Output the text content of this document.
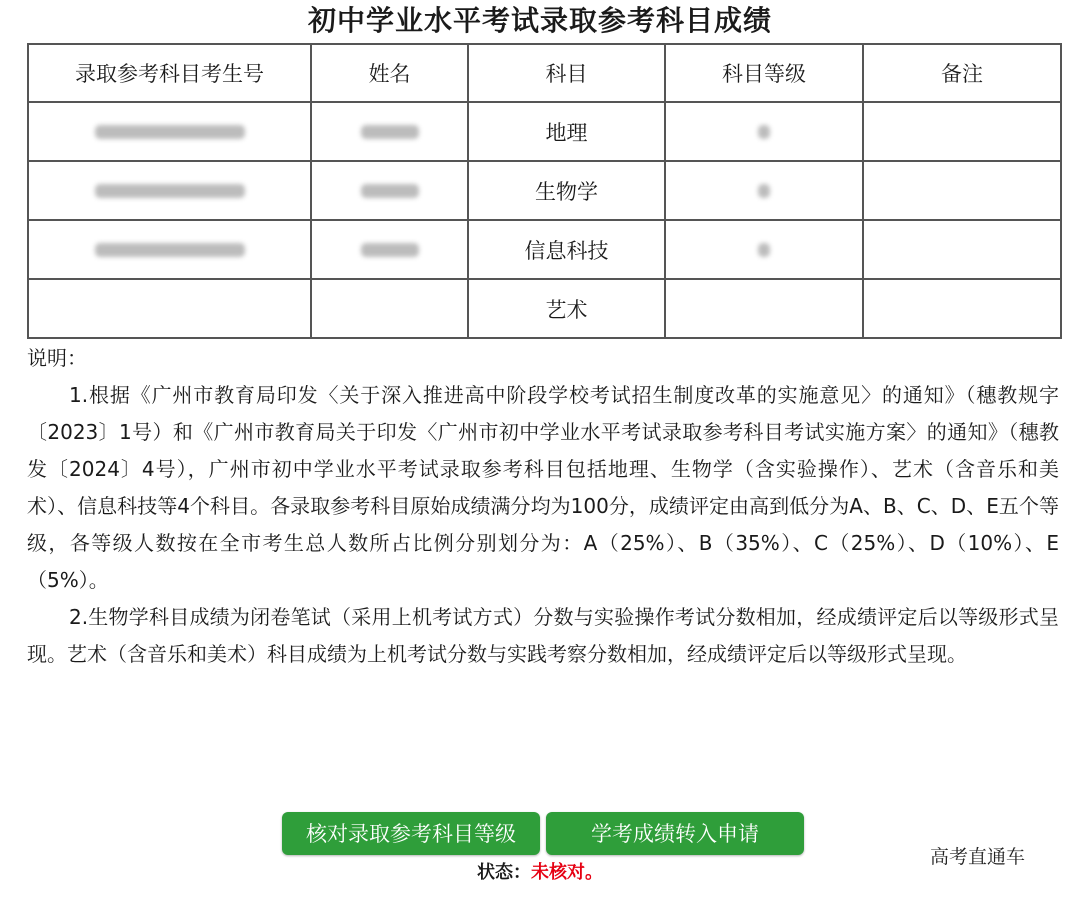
初中学业水平考试录取参考科目成绩
录取参考科目考生号	姓名	科目	科目等级	备注
		地理		
		生物学		
		信息科技		
		艺术		

说明：

1.根据《广州市教育局印发〈关于深入推进高中阶段学校考试招生制度改革的实施意见〉的通知》（穗教规字〔2023〕1号）和《广州市教育局关于印发〈广州市初中学业水平考试录取参考科目考试实施方案〉的通知》（穗教发〔2024〕4号），广州市初中学业水平考试录取参考科目包括地理、生物学（含实验操作）、艺术（含音乐和美术）、信息科技等4个科目。各录取参考科目原始成绩满分均为100分，成绩评定由高到低分为A、B、C、D、E五个等级，各等级人数按在全市考生总人数所占比例分别划分为：A（25%）、B（35%）、C（25%）、D（10%）、E（5%）。

2.生物学科目成绩为闭卷笔试（采用上机考试方式）分数与实验操作考试分数相加，经成绩评定后以等级形式呈现。艺术（含音乐和美术）科目成绩为上机考试分数与实践考察分数相加，经成绩评定后以等级形式呈现。

核对录取参考科目等级	学考成绩转入申请
状态：未核对。
高考直通车
